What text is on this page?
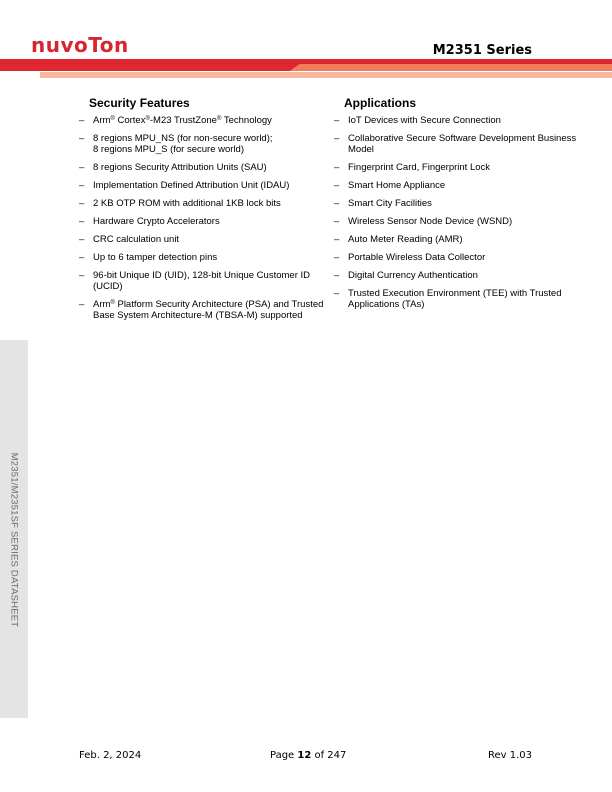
nuvoTon	M2351 Series
M2351/M2351SF SERIES DATASHEET
Security Features
– Arm® Cortex®-M23 TrustZone® Technology
– 8 regions MPU_NS (for non-secure world);
8 regions MPU_S (for secure world)
– 8 regions Security Attribution Units (SAU)
– Implementation Defined Attribution Unit (IDAU)
– 2 KB OTP ROM with additional 1KB lock bits
– Hardware Crypto Accelerators
– CRC calculation unit
– Up to 6 tamper detection pins
– 96-bit Unique ID (UID), 128-bit Unique Customer ID (UCID)
– Arm® Platform Security Architecture (PSA) and Trusted Base System Architecture-M (TBSA-M) supported
Applications
– IoT Devices with Secure Connection
– Collaborative Secure Software Development Business Model
– Fingerprint Card, Fingerprint Lock
– Smart Home Appliance
– Smart City Facilities
– Wireless Sensor Node Device (WSND)
– Auto Meter Reading (AMR)
– Portable Wireless Data Collector
– Digital Currency Authentication
– Trusted Execution Environment (TEE) with Trusted Applications (TAs)
Feb. 2, 2024	Page 12 of 247	Rev 1.03
